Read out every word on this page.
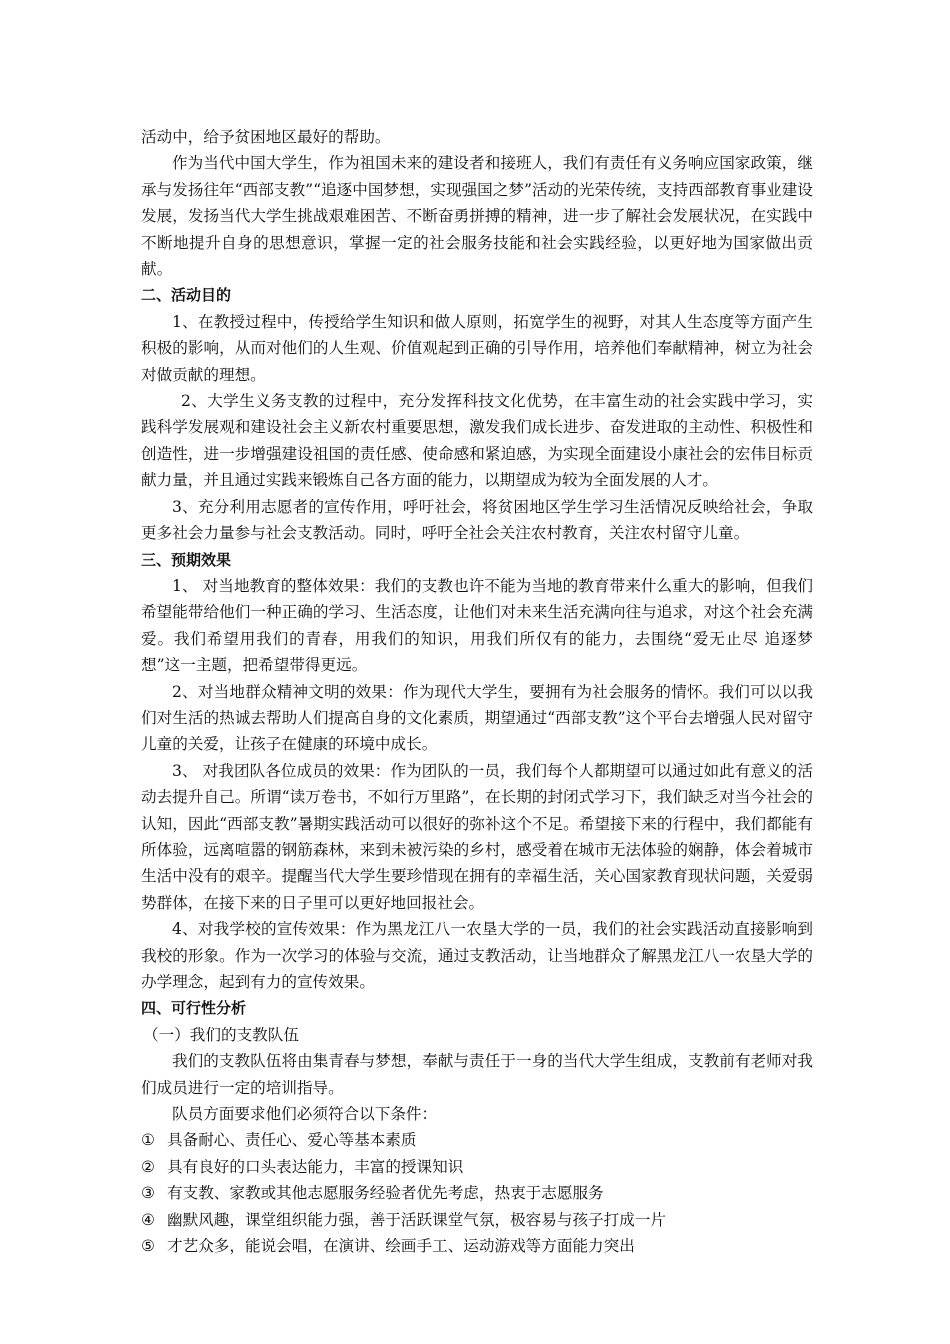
活动中，给予贫困地区最好的帮助。

作为当代中国大学生，作为祖国未来的建设者和接班人，我们有责任有义务响应国家政策，继承与发扬往年“西部支教”“追逐中国梦想，实现强国之梦”活动的光荣传统，支持西部教育事业建设发展，发扬当代大学生挑战艰难困苦、不断奋勇拼搏的精神，进一步了解社会发展状况，在实践中不断地提升自身的思想意识，掌握一定的社会服务技能和社会实践经验，以更好地为国家做出贡献。

二、活动目的

1、在教授过程中，传授给学生知识和做人原则，拓宽学生的视野，对其人生态度等方面产生积极的影响，从而对他们的人生观、价值观起到正确的引导作用，培养他们奉献精神，树立为社会对做贡献的理想。

2、大学生义务支教的过程中，充分发挥科技文化优势，在丰富生动的社会实践中学习，实践科学发展观和建设社会主义新农村重要思想，激发我们成长进步、奋发进取的主动性、积极性和创造性，进一步增强建设祖国的责任感、使命感和紧迫感，为实现全面建设小康社会的宏伟目标贡献力量，并且通过实践来锻炼自己各方面的能力，以期望成为较为全面发展的人才。

3、充分利用志愿者的宣传作用，呼吁社会，将贫困地区学生学习生活情况反映给社会，争取更多社会力量参与社会支教活动。同时，呼吁全社会关注农村教育，关注农村留守儿童。

三、预期效果

1、 对当地教育的整体效果：我们的支教也许不能为当地的教育带来什么重大的影响，但我们希望能带给他们一种正确的学习、生活态度，让他们对未来生活充满向往与追求，对这个社会充满爱。我们希望用我们的青春，用我们的知识，用我们所仅有的能力，去围绕“爱无止尽 追逐梦想”这一主题，把希望带得更远。

2、对当地群众精神文明的效果：作为现代大学生，要拥有为社会服务的情怀。我们可以以我们对生活的热诚去帮助人们提高自身的文化素质，期望通过“西部支教”这个平台去增强人民对留守儿童的关爱，让孩子在健康的环境中成长。

3、 对我团队各位成员的效果：作为团队的一员，我们每个人都期望可以通过如此有意义的活动去提升自己。所谓“读万卷书，不如行万里路”，在长期的封闭式学习下，我们缺乏对当今社会的认知，因此“西部支教”暑期实践活动可以很好的弥补这个不足。希望接下来的行程中，我们都能有所体验，远离喧嚣的钢筋森林，来到未被污染的乡村，感受着在城市无法体验的娴静，体会着城市生活中没有的艰辛。提醒当代大学生要珍惜现在拥有的幸福生活，关心国家教育现状问题，关爱弱势群体，在接下来的日子里可以更好地回报社会。

4、对我学校的宣传效果：作为黑龙江八一农垦大学的一员，我们的社会实践活动直接影响到我校的形象。作为一次学习的体验与交流，通过支教活动，让当地群众了解黑龙江八一农垦大学的办学理念，起到有力的宣传效果。

四、可行性分析

（一）我们的支教队伍

我们的支教队伍将由集青春与梦想，奉献与责任于一身的当代大学生组成，支教前有老师对我们成员进行一定的培训指导。

队员方面要求他们必须符合以下条件：

① 具备耐心、责任心、爱心等基本素质

② 具有良好的口头表达能力，丰富的授课知识

③ 有支教、家教或其他志愿服务经验者优先考虑，热衷于志愿服务

④ 幽默风趣，课堂组织能力强，善于活跃课堂气氛，极容易与孩子打成一片

⑤ 才艺众多，能说会唱，在演讲、绘画手工、运动游戏等方面能力突出
